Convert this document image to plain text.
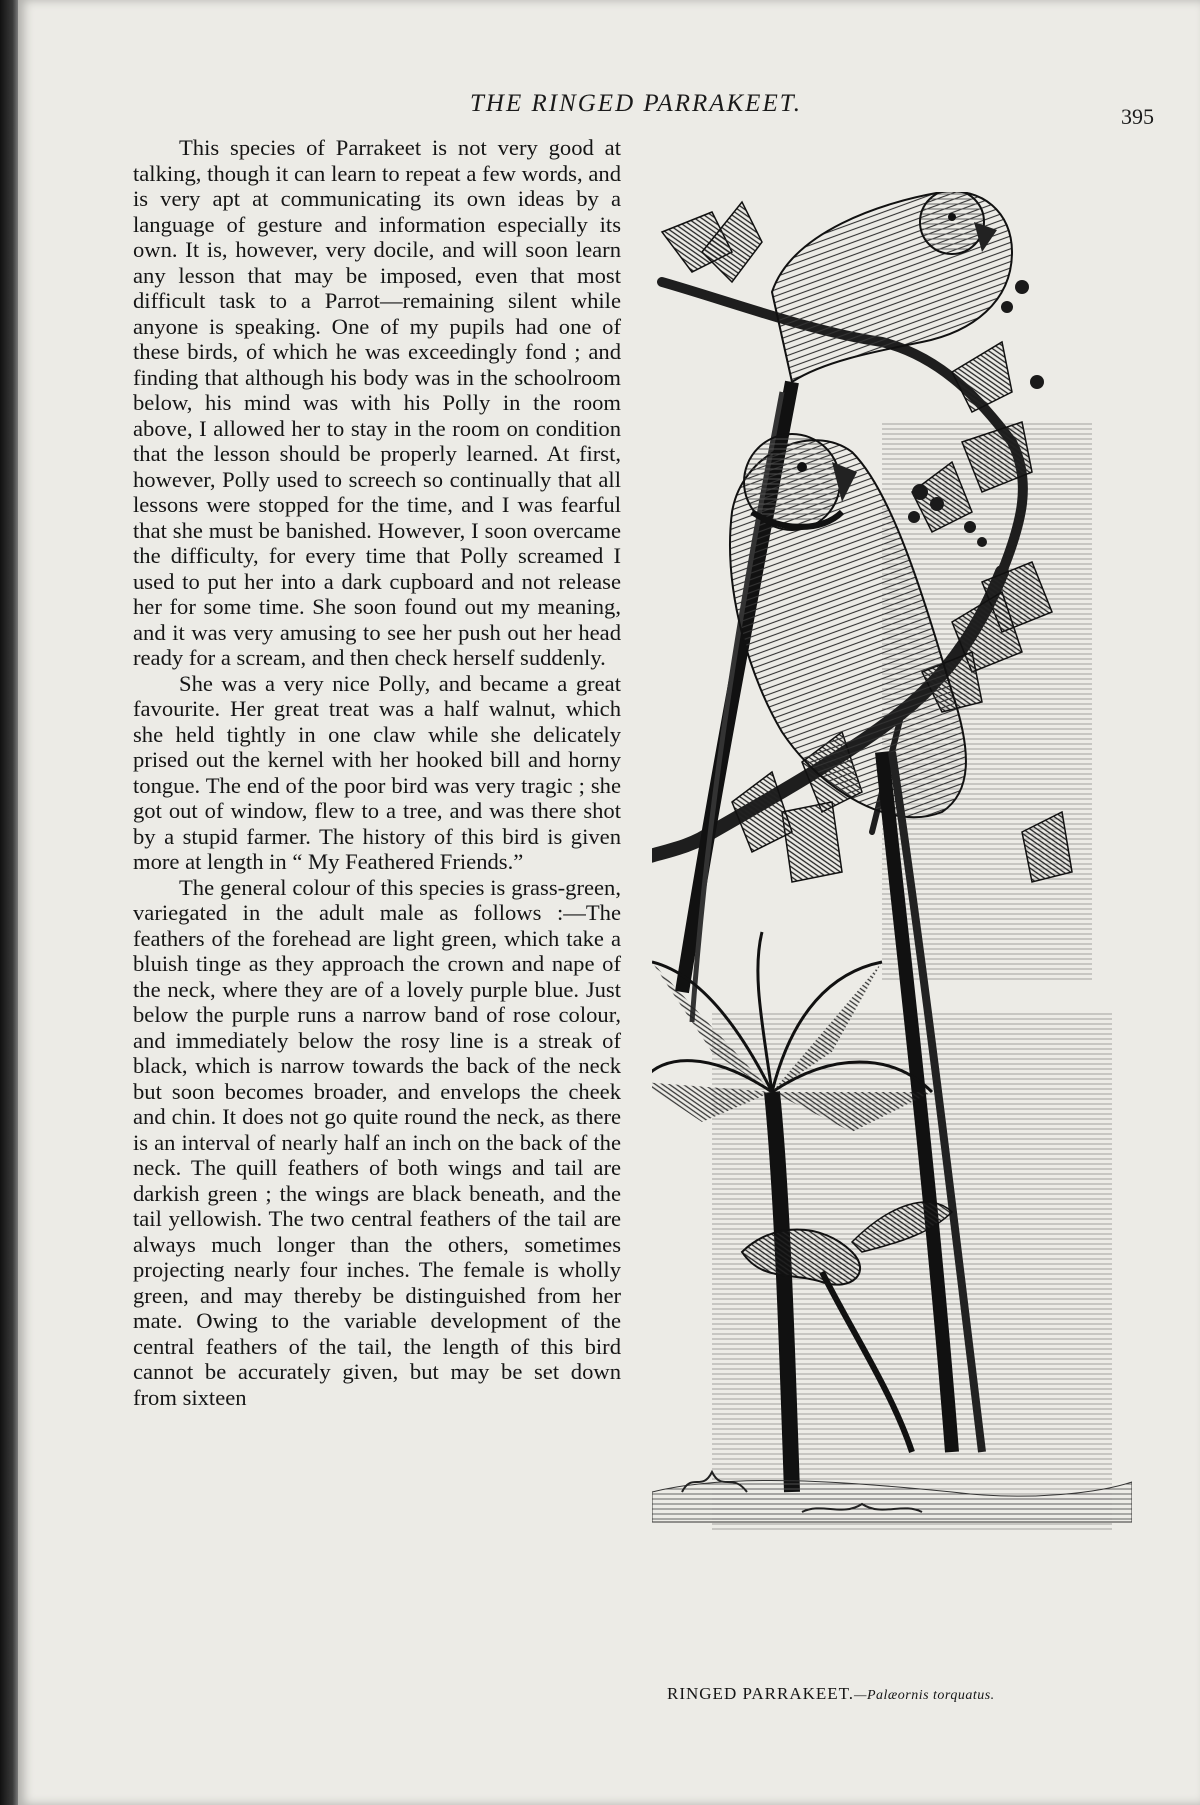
THE RINGED PARRAKEET.	395

This species of Parrakeet is not very good at talking, though it can learn to repeat a few words, and is very apt at communicating its own ideas by a language of gesture and information especially its own. It is, however, very docile, and will soon learn any lesson that may be imposed, even that most difficult task to a Parrot—remaining silent while anyone is speaking. One of my pupils had one of these birds, of which he was exceedingly fond ; and finding that although his body was in the schoolroom below, his mind was with his Polly in the room above, I allowed her to stay in the room on condition that the lesson should be properly learned. At first, however, Polly used to screech so continually that all lessons were stopped for the time, and I was fearful that she must be banished. However, I soon overcame the difficulty, for every time that Polly screamed I used to put her into a dark cupboard and not release her for some time. She soon found out my meaning, and it was very amusing to see her push out her head ready for a scream, and then check herself suddenly.

She was a very nice Polly, and became a great favourite. Her great treat was a half walnut, which she held tightly in one claw while she delicately prised out the kernel with her hooked bill and horny tongue. The end of the poor bird was very tragic ; she got out of window, flew to a tree, and was there shot by a stupid farmer. The history of this bird is given more at length in “ My Feathered Friends.”

The general colour of this species is grass-green, variegated in the adult male as follows :—The feathers of the forehead are light green, which take a bluish tinge as they approach the crown and nape of the neck, where they are of a lovely purple blue. Just below the purple runs a narrow band of rose colour, and immediately below the rosy line is a streak of black, which is narrow towards the back of the neck but soon becomes broader, and envelops the cheek and chin. It does not go quite round the neck, as there is an interval of nearly half an inch on the back of the neck. The quill feathers of both wings and tail are darkish green ; the wings are black beneath, and the tail yellowish. The two central feathers of the tail are always much longer than the others, sometimes projecting nearly four inches. The female is wholly green, and may thereby be distinguished from her mate. Owing to the variable development of the central feathers of the tail, the length of this bird cannot be accurately given, but may be set down from sixteen

RINGED PARRAKEET.—Palæornis torquatus.
